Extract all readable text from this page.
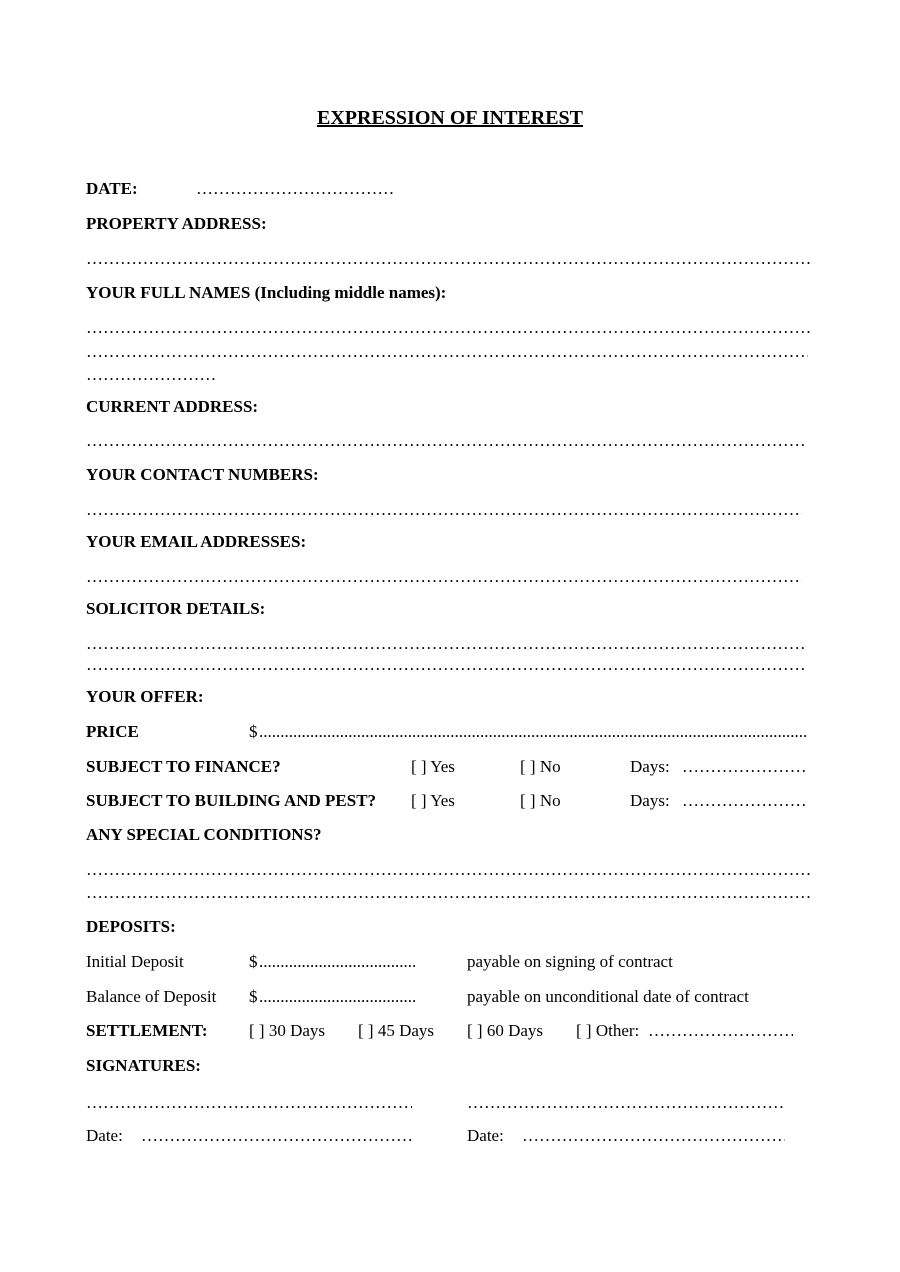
EXPRESSION OF INTEREST
DATE:
……………………………………………………………………………………………………………………………………………………………………………………
PROPERTY ADDRESS:
……………………………………………………………………………………………………………………………………………………………………………………
YOUR FULL NAMES (Including middle names):
……………………………………………………………………………………………………………………………………………………………………………………
……………………………………………………………………………………………………………………………………………………………………………………
……………………………………………………………………………………………………………………………………………………………………………………
CURRENT ADDRESS:
……………………………………………………………………………………………………………………………………………………………………………………
YOUR CONTACT NUMBERS:
……………………………………………………………………………………………………………………………………………………………………………………
YOUR EMAIL ADDRESSES:
……………………………………………………………………………………………………………………………………………………………………………………
SOLICITOR DETAILS:
……………………………………………………………………………………………………………………………………………………………………………………
……………………………………………………………………………………………………………………………………………………………………………………
YOUR OFFER:
PRICE	$
.....
SUBJECT TO FINANCE?	[ ] Yes	[ ] No	Days:
……………………………………………………………………………………………………………………………………………………………………………………
SUBJECT TO BUILDING AND PEST? [ ] Yes	[ ] No	Days:
……………………………………………………………………………………………………………………………………………………………………………………
ANY SPECIAL CONDITIONS?
……………………………………………………………………………………………………………………………………………………………………………………
……………………………………………………………………………………………………………………………………………………………………………………
DEPOSITS:
Initial Deposit	$ .....	payable on signing of contract
Balance of Deposit $ .....	payable on unconditional date of contract
SETTLEMENT: [ ] 30 Days [ ] 45 Days [ ] 60 Days [ ] Other:
……………………………………………………………………………………………………………………………………………………………………………………
SIGNATURES:
……………………………………………………………………………………………………………………………………………………………………………………
……………………………………………………………………………………………………………………………………………………………………………………
Date: ……………………………………………………………………………………………………………………………………………………………………………………	Date:
……………………………………………………………………………………………………………………………………………………………………………………
